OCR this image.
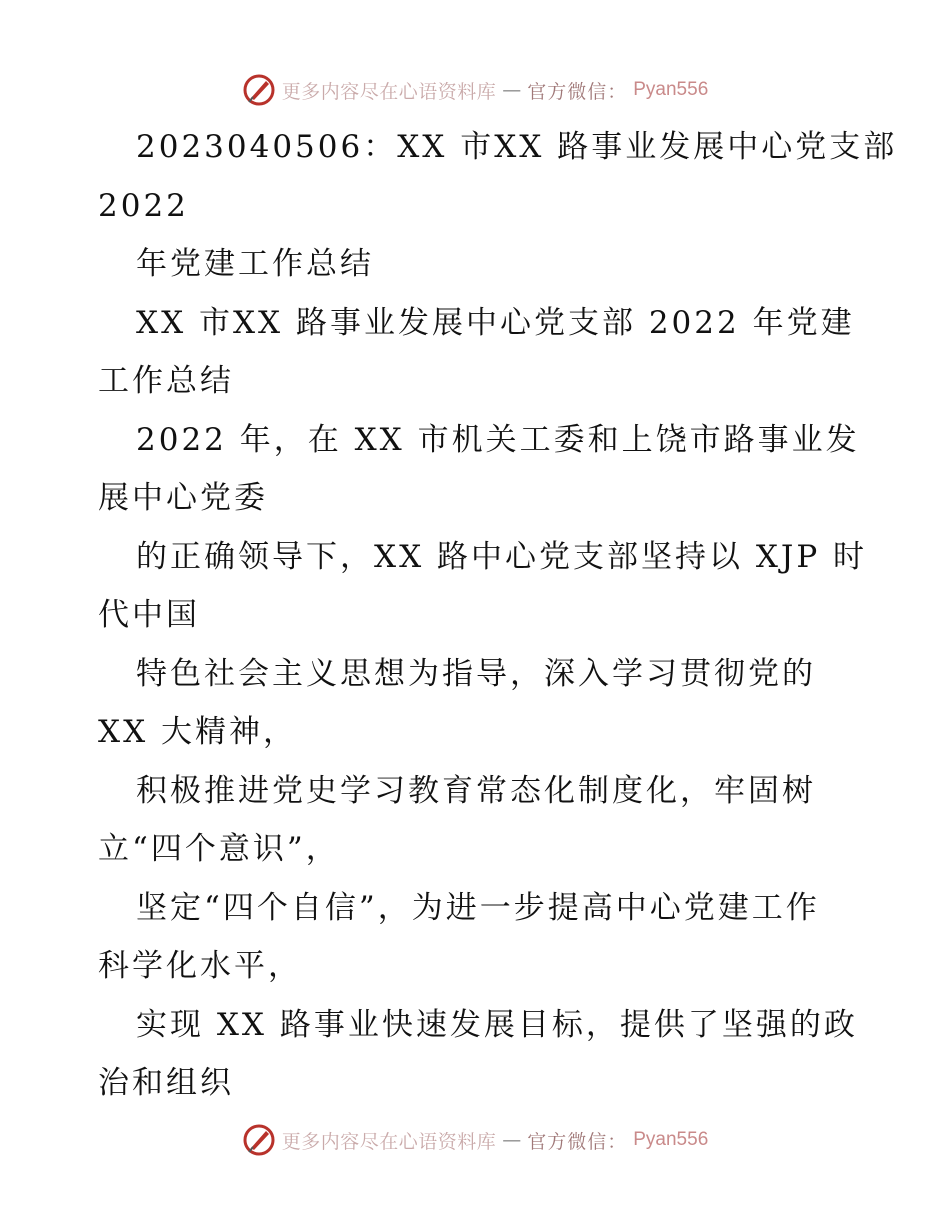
更多内容尽在心语资料库 — 官方微信： Pyan556
2023040506：XX 市XX 路事业发展中心党支部
2022
年党建工作总结
XX 市XX 路事业发展中心党支部 2022 年党建
工作总结
2022 年，在 XX 市机关工委和上饶市路事业发
展中心党委
的正确领导下，XX 路中心党支部坚持以 XJP 时
代中国
特色社会主义思想为指导，深入学习贯彻党的
XX 大精神，
积极推进党史学习教育常态化制度化，牢固树
立“四个意识”，
坚定“四个自信”，为进一步提高中心党建工作
科学化水平，
实现 XX 路事业快速发展目标，提供了坚强的政
治和组织
更多内容尽在心语资料库 — 官方微信： Pyan556
